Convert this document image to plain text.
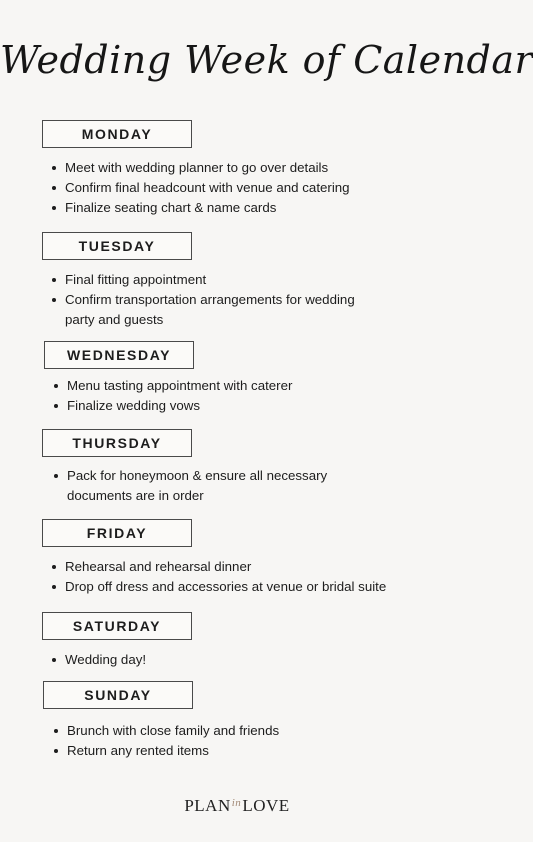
Wedding Week of Calendar
MONDAY
Meet with wedding planner to go over details
Confirm final headcount with venue and catering
Finalize seating chart & name cards
TUESDAY
Final fitting appointment
Confirm transportation arrangements for wedding party and guests
WEDNESDAY
Menu tasting appointment with caterer
Finalize wedding vows
THURSDAY
Pack for honeymoon & ensure all necessary documents are in order
FRIDAY
Rehearsal and rehearsal dinner
Drop off dress and accessories at venue or bridal suite
SATURDAY
Wedding day!
SUNDAY
Brunch with close family and friends
Return any rented items
$PLAN^{in}LOVE$
